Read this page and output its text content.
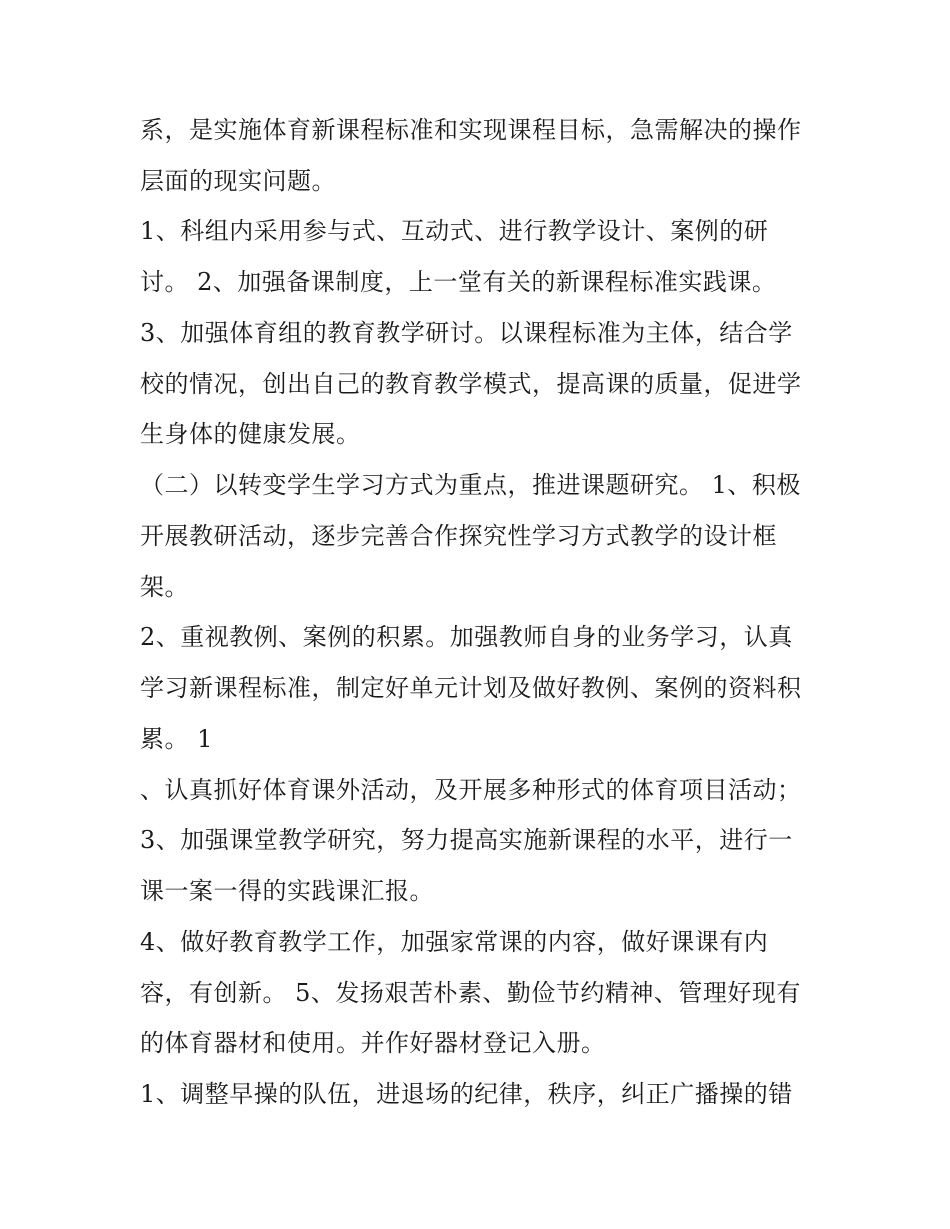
系，是实施体育新课程标准和实现课程目标，急需解决的操作
层面的现实问题。
1、科组内采用参与式、互动式、进行教学设计、案例的研
讨。 2、加强备课制度，上一堂有关的新课程标准实践课。
3、加强体育组的教育教学研讨。以课程标准为主体，结合学
校的情况，创出自己的教育教学模式，提高课的质量，促进学
生身体的健康发展。
（二）以转变学生学习方式为重点，推进课题研究。 1、积极
开展教研活动，逐步完善合作探究性学习方式教学的设计框
架。
2、重视教例、案例的积累。加强教师自身的业务学习，认真
学习新课程标准，制定好单元计划及做好教例、案例的资料积
累。 1
、认真抓好体育课外活动，及开展多种形式的体育项目活动；
3、加强课堂教学研究，努力提高实施新课程的水平，进行一
课一案一得的实践课汇报。
4、做好教育教学工作，加强家常课的内容，做好课课有内
容，有创新。 5、发扬艰苦朴素、勤俭节约精神、管理好现有
的体育器材和使用。并作好器材登记入册。
1、调整早操的队伍，进退场的纪律，秩序，纠正广播操的错
